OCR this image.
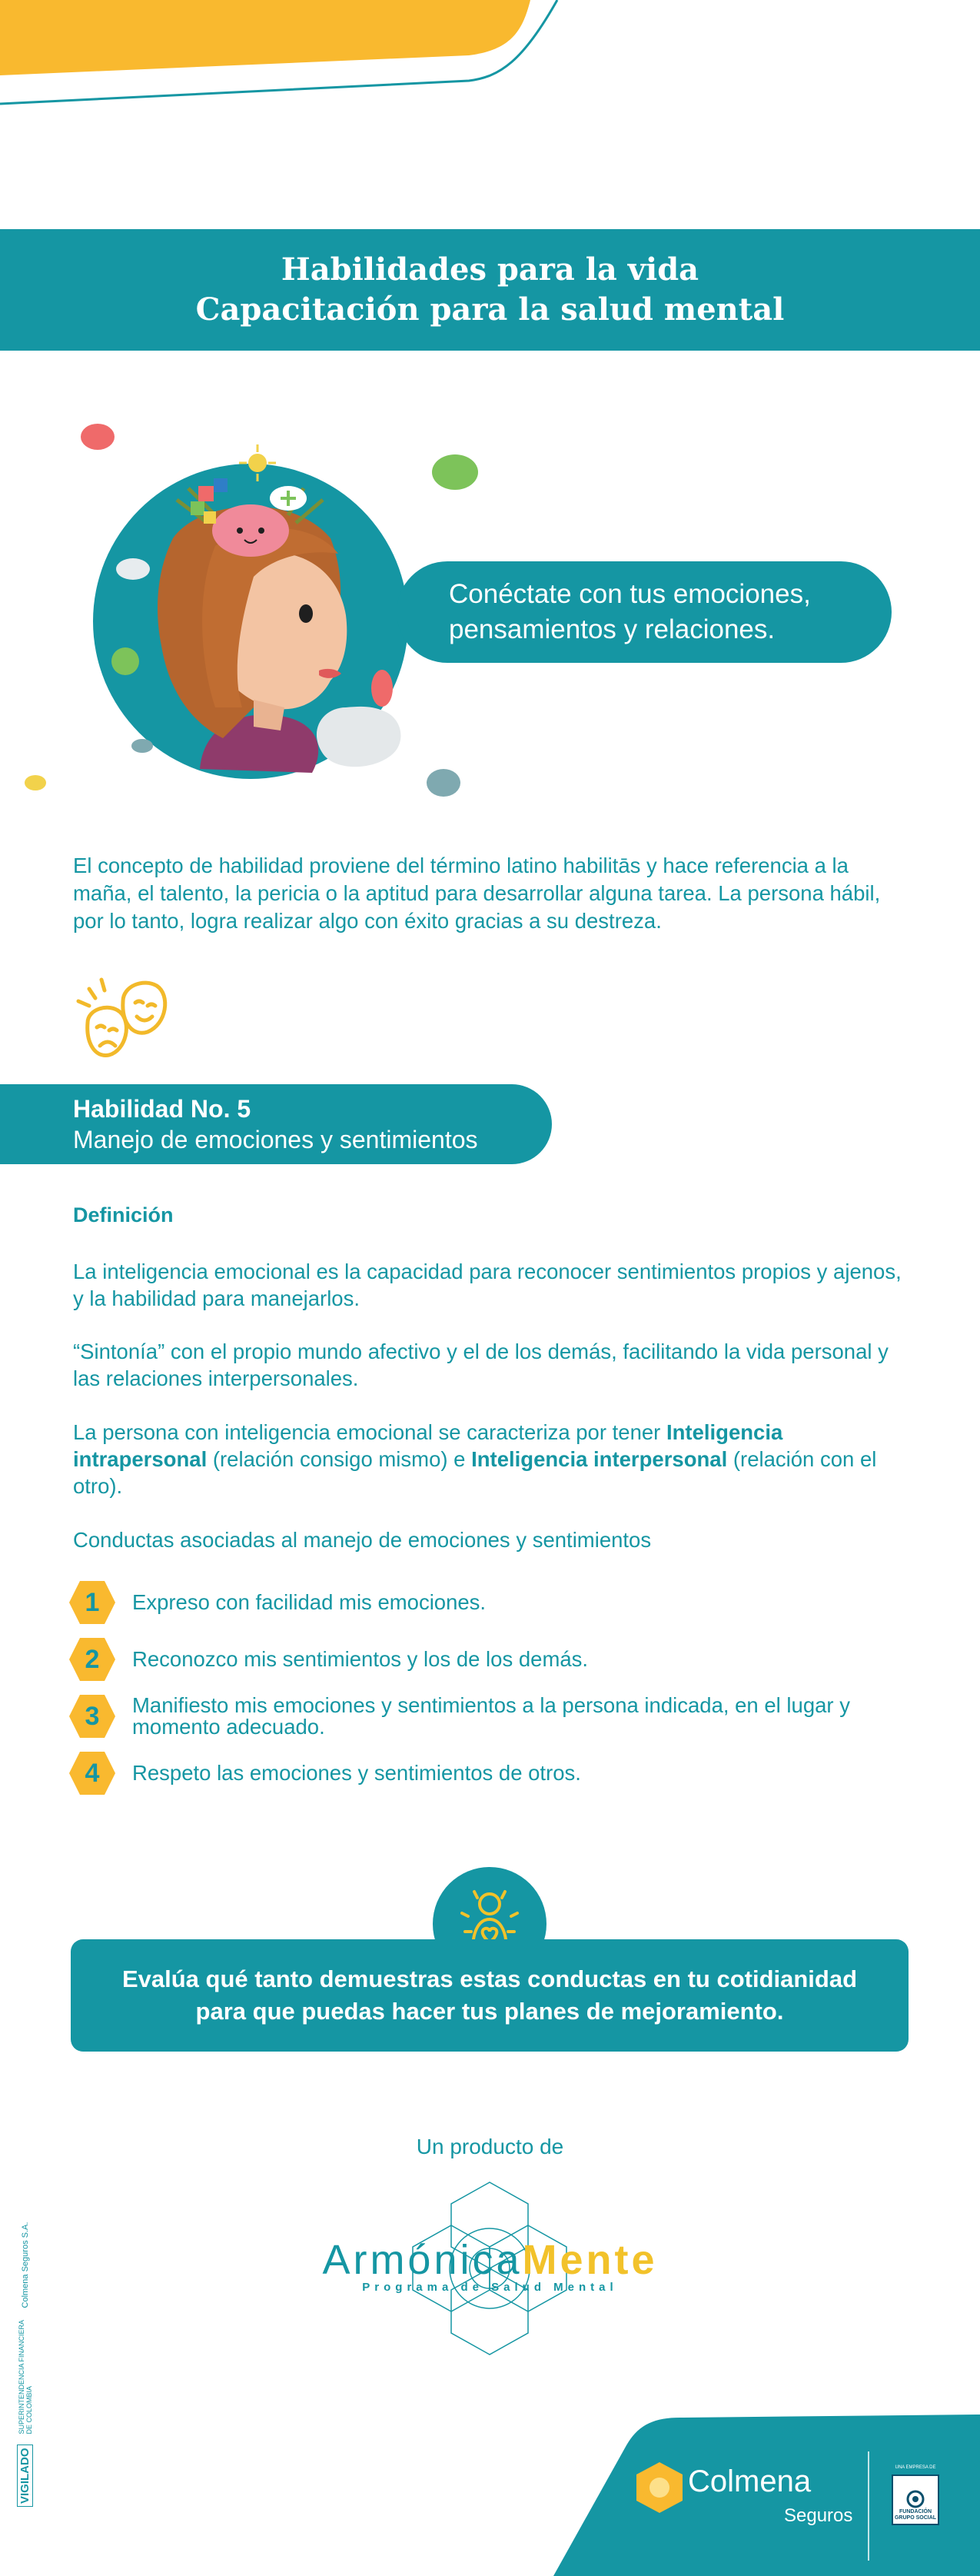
Habilidades para la vida
Capacitación para la salud mental
Conéctate con tus emociones,
pensamientos y relaciones.
El concepto de habilidad proviene del término latino habilitās y hace referencia a la maña, el talento, la pericia o la aptitud para desarrollar alguna tarea. La persona hábil, por lo tanto, logra realizar algo con éxito gracias a su destreza.
Habilidad No. 5
Manejo de emociones y sentimientos
Definición
La inteligencia emocional es la capacidad para reconocer sentimientos propios y ajenos, y la habilidad para manejarlos.
“Sintonía” con el propio mundo afectivo y el de los demás, facilitando la vida personal y las relaciones interpersonales.
La persona con inteligencia emocional se caracteriza por tener Inteligencia intrapersonal (relación consigo mismo) e Inteligencia interpersonal (relación con el otro).
Conductas asociadas al manejo de emociones y sentimientos
1 Expreso con facilidad mis emociones.
2 Reconozco mis sentimientos y los de los demás.
3 Manifiesto mis emociones y sentimientos a la persona indicada, en el lugar y momento adecuado.
4 Respeto las emociones y sentimientos de otros.
Evalúa qué tanto demuestras estas conductas en tu cotidianidad
para que puedas hacer tus planes de mejoramiento.
Un producto de
ArmónicaMente
Programa de Salud Mental
VIGILADO
SUPERINTENDENCIA FINANCIERA DE COLOMBIA
Colmena Seguros S.A.
Colmena
Seguros
UNA EMPRESA DE
FUNDACIÓN GRUPO SOCIAL
